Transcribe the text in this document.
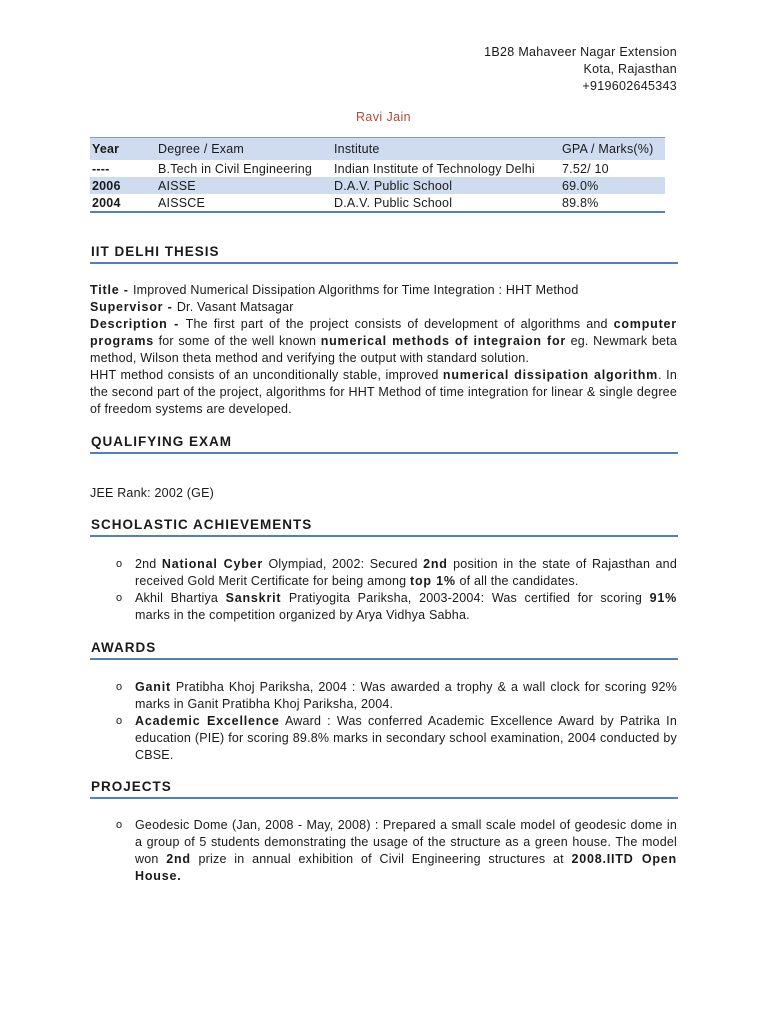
1B28 Mahaveer Nagar Extension
Kota, Rajasthan
+919602645343
Ravi Jain
Year	Degree / Exam	Institute	GPA / Marks(%)
----	B.Tech in Civil Engineering	Indian Institute of Technology Delhi	7.52/ 10
2006	AISSE	D.A.V. Public School	69.0%
2004	AISSCE	D.A.V. Public School	89.8%
IIT DELHI THESIS
Title - Improved Numerical Dissipation Algorithms for Time Integration : HHT Method
Supervisor - Dr. Vasant Matsagar
Description - The first part of the project consists of development of algorithms and computer programs for some of the well known numerical methods of integraion for eg. Newmark beta method, Wilson theta method and verifying the output with standard solution.
HHT method consists of an unconditionally stable, improved numerical dissipation algorithm. In the second part of the project, algorithms for HHT Method of time integration for linear & single degree of freedom systems are developed.
QUALIFYING EXAM
JEE Rank: 2002 (GE)
SCHOLASTIC ACHIEVEMENTS
o 2nd National Cyber Olympiad, 2002: Secured 2nd position in the state of Rajasthan and received Gold Merit Certificate for being among top 1% of all the candidates.
o Akhil Bhartiya Sanskrit Pratiyogita Pariksha, 2003-2004: Was certified for scoring 91% marks in the competition organized by Arya Vidhya Sabha.
AWARDS
o Ganit Pratibha Khoj Pariksha, 2004 : Was awarded a trophy & a wall clock for scoring 92% marks in Ganit Pratibha Khoj Pariksha, 2004.
o Academic Excellence Award : Was conferred Academic Excellence Award by Patrika In education (PIE) for scoring 89.8% marks in secondary school examination, 2004 conducted by CBSE.
PROJECTS
o Geodesic Dome (Jan, 2008 - May, 2008) : Prepared a small scale model of geodesic dome in a group of 5 students demonstrating the usage of the structure as a green house. The model won 2nd prize in annual exhibition of Civil Engineering structures at 2008.IITD Open House.
